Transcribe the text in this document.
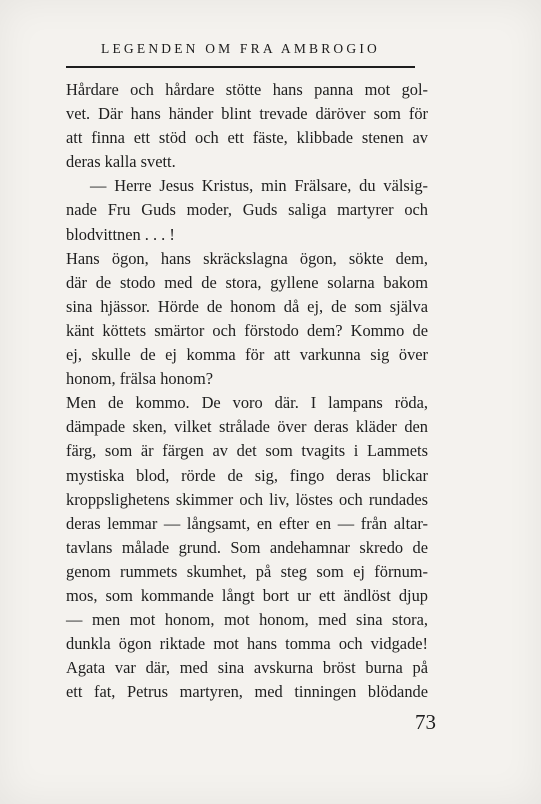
LEGENDEN OM FRA AMBROGIO
Hårdare och hårdare stötte hans panna mot gol-
vet. Där hans händer blint trevade däröver som för
att finna ett stöd och ett fäste, klibbade stenen av
deras kalla svett.
— Herre Jesus Kristus, min Frälsare, du välsig-
nade Fru Guds moder, Guds saliga martyrer och
blodvittnen . . . !
Hans ögon, hans skräckslagna ögon, sökte dem,
där de stodo med de stora, gyllene solarna bakom
sina hjässor. Hörde de honom då ej, de som själva
känt köttets smärtor och förstodo dem? Kommo de
ej, skulle de ej komma för att varkunna sig över
honom, frälsa honom?
Men de kommo. De voro där. I lampans röda,
dämpade sken, vilket strålade över deras kläder den
färg, som är färgen av det som tvagits i Lammets
mystiska blod, rörde de sig, fingo deras blickar
kroppslighetens skimmer och liv, löstes och rundades
deras lemmar — långsamt, en efter en — från altar-
tavlans målade grund. Som andehamnar skredo de
genom rummets skumhet, på steg som ej förnum-
mos, som kommande långt bort ur ett ändlöst djup
— men mot honom, mot honom, med sina stora,
dunkla ögon riktade mot hans tomma och vidgade!
Agata var där, med sina avskurna bröst burna på
ett fat, Petrus martyren, med tinningen blödande
73
